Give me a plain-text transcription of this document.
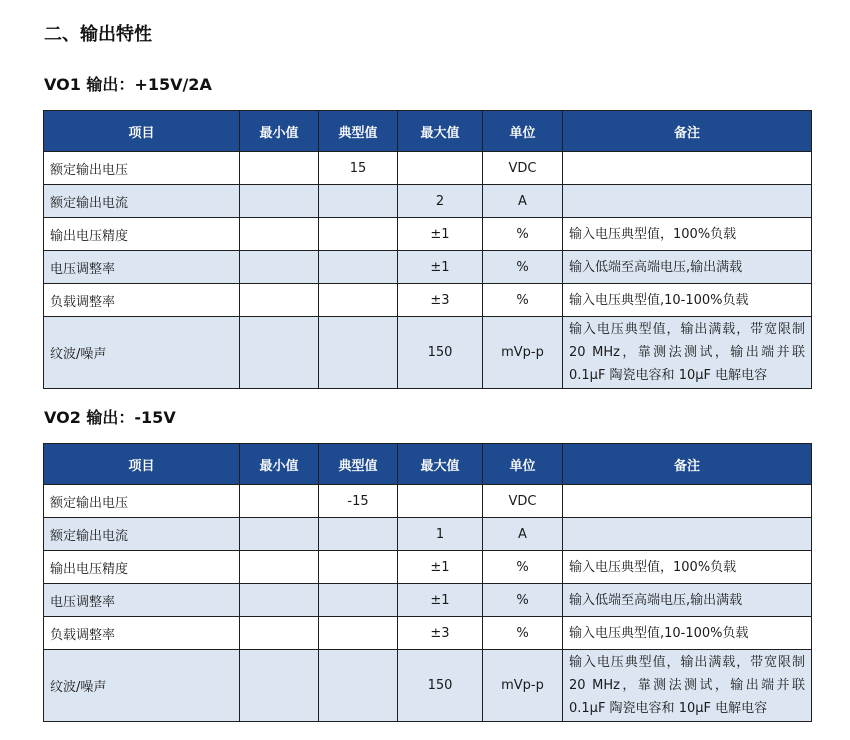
二、输出特性
VO1 输出：+15V/2A
项目	最小值	典型值	最大值	单位	备注
额定输出电压		15		VDC	
额定输出电流			2	A	
输出电压精度			±1	%	输入电压典型值，100%负载
电压调整率			±1	%	输入低端至高端电压,输出满载
负载调整率			±3	%	输入电压典型值,10-100%负载
纹波/噪声			150	mVp-p	输入电压典型值，输出满载，带宽限制 20 MHz，靠测法测试，输出端并联 0.1μF 陶瓷电容和 10μF 电解电容
VO2 输出：-15V
项目	最小值	典型值	最大值	单位	备注
额定输出电压		-15		VDC	
额定输出电流			1	A	
输出电压精度			±1	%	输入电压典型值，100%负载
电压调整率			±1	%	输入低端至高端电压,输出满载
负载调整率			±3	%	输入电压典型值,10-100%负载
纹波/噪声			150	mVp-p	输入电压典型值，输出满载，带宽限制 20 MHz，靠测法测试，输出端并联 0.1μF 陶瓷电容和 10μF 电解电容
